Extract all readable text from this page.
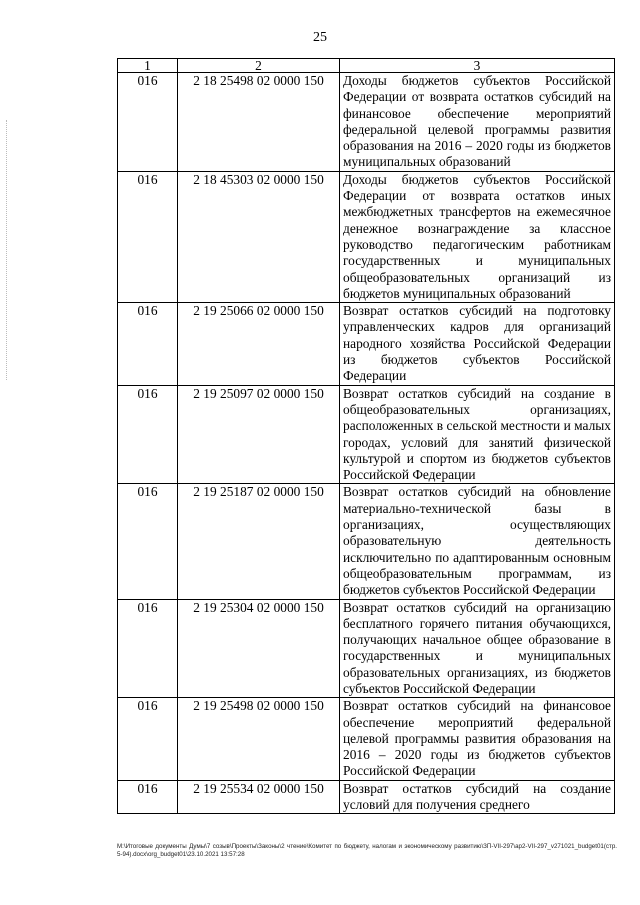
25
1	2	3
016	2 18 25498 02 0000 150	Доходы бюджетов субъектов Российской Федерации от возврата остатков субсидий на финансовое обеспечение мероприятий федеральной целевой программы развития образования на 2016 – 2020 годы из бюджетов муниципальных образований
016	2 18 45303 02 0000 150	Доходы бюджетов субъектов Российской Федерации от возврата остатков иных межбюджетных трансфертов на ежемесячное денежное вознаграждение за классное руководство педагогическим работникам государственных и муниципальных общеобразовательных организаций из бюджетов муниципальных образований
016	2 19 25066 02 0000 150	Возврат остатков субсидий на подготовку управленческих кадров для организаций народного хозяйства Российской Федерации из бюджетов субъектов Российской Федерации
016	2 19 25097 02 0000 150	Возврат остатков субсидий на создание в общеобразовательных организациях, расположенных в сельской местности и малых городах, условий для занятий физической культурой и спортом из бюджетов субъектов Российской Федерации
016	2 19 25187 02 0000 150	Возврат остатков субсидий на обновление материально-технической базы в организациях, осуществляющих образовательную деятельность исключительно по адаптированным основным общеобразовательным программам, из бюджетов субъектов Российской Федерации
016	2 19 25304 02 0000 150	Возврат остатков субсидий на организацию бесплатного горячего питания обучающихся, получающих начальное общее образование в государственных и муниципальных образовательных организациях, из бюджетов субъектов Российской Федерации
016	2 19 25498 02 0000 150	Возврат остатков субсидий на финансовое обеспечение мероприятий федеральной целевой программы развития образования на 2016 – 2020 годы из бюджетов субъектов Российской Федерации
016	2 19 25534 02 0000 150	Возврат остатков субсидий на создание условий для получения среднего
M:\Итоговые документы Думы\7 созыв\Проекты\Законы\2 чтение\Комитет по бюджету, налогам и экономическому развитию\ЗП-VII-297\ap2-VII-297_v271021_budget01(стр. 5-94).docx\org_budget01\23.10.2021 13:57:28
